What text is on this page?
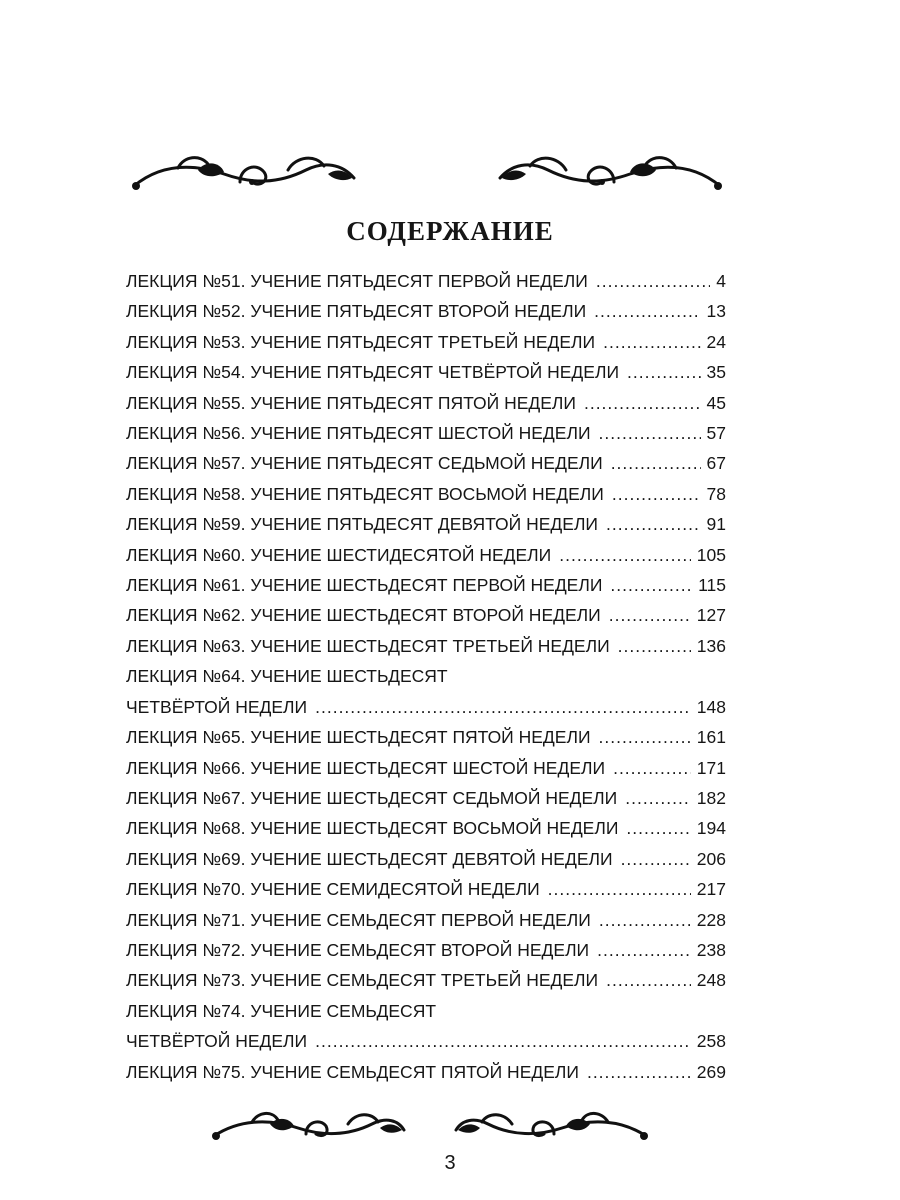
СОДЕРЖАНИЕ
ЛЕКЦИЯ №51. УЧЕНИЕ ПЯТЬДЕСЯТ ПЕРВОЙ НЕДЕЛИ .....	4
ЛЕКЦИЯ №52. УЧЕНИЕ ПЯТЬДЕСЯТ ВТОРОЙ НЕДЕЛИ .....	13
ЛЕКЦИЯ №53. УЧЕНИЕ ПЯТЬДЕСЯТ ТРЕТЬЕЙ НЕДЕЛИ .....	24
ЛЕКЦИЯ №54. УЧЕНИЕ ПЯТЬДЕСЯТ ЧЕТВЁРТОЙ НЕДЕЛИ .....	35
ЛЕКЦИЯ №55. УЧЕНИЕ ПЯТЬДЕСЯТ ПЯТОЙ НЕДЕЛИ .....	45
ЛЕКЦИЯ №56. УЧЕНИЕ ПЯТЬДЕСЯТ ШЕСТОЙ НЕДЕЛИ .....	57
ЛЕКЦИЯ №57. УЧЕНИЕ ПЯТЬДЕСЯТ СЕДЬМОЙ НЕДЕЛИ .....	67
ЛЕКЦИЯ №58. УЧЕНИЕ ПЯТЬДЕСЯТ ВОСЬМОЙ НЕДЕЛИ .....	78
ЛЕКЦИЯ №59. УЧЕНИЕ ПЯТЬДЕСЯТ ДЕВЯТОЙ НЕДЕЛИ .....	91
ЛЕКЦИЯ №60. УЧЕНИЕ ШЕСТИДЕСЯТОЙ НЕДЕЛИ .....	105
ЛЕКЦИЯ №61. УЧЕНИЕ ШЕСТЬДЕСЯТ ПЕРВОЙ НЕДЕЛИ .....	115
ЛЕКЦИЯ №62. УЧЕНИЕ ШЕСТЬДЕСЯТ ВТОРОЙ НЕДЕЛИ .....	127
ЛЕКЦИЯ №63. УЧЕНИЕ ШЕСТЬДЕСЯТ ТРЕТЬЕЙ НЕДЕЛИ .....	136
ЛЕКЦИЯ №64. УЧЕНИЕ ШЕСТЬДЕСЯТ
ЧЕТВЁРТОЙ НЕДЕЛИ .....	148
ЛЕКЦИЯ №65. УЧЕНИЕ ШЕСТЬДЕСЯТ ПЯТОЙ НЕДЕЛИ .....	161
ЛЕКЦИЯ №66. УЧЕНИЕ ШЕСТЬДЕСЯТ ШЕСТОЙ НЕДЕЛИ .....	171
ЛЕКЦИЯ №67. УЧЕНИЕ ШЕСТЬДЕСЯТ СЕДЬМОЙ НЕДЕЛИ .....	182
ЛЕКЦИЯ №68. УЧЕНИЕ ШЕСТЬДЕСЯТ ВОСЬМОЙ НЕДЕЛИ .....	194
ЛЕКЦИЯ №69. УЧЕНИЕ ШЕСТЬДЕСЯТ ДЕВЯТОЙ НЕДЕЛИ .....	206
ЛЕКЦИЯ №70. УЧЕНИЕ СЕМИДЕСЯТОЙ НЕДЕЛИ .....	217
ЛЕКЦИЯ №71. УЧЕНИЕ СЕМЬДЕСЯТ ПЕРВОЙ НЕДЕЛИ .....	228
ЛЕКЦИЯ №72. УЧЕНИЕ СЕМЬДЕСЯТ ВТОРОЙ НЕДЕЛИ .....	238
ЛЕКЦИЯ №73. УЧЕНИЕ СЕМЬДЕСЯТ ТРЕТЬЕЙ НЕДЕЛИ .....	248
ЛЕКЦИЯ №74. УЧЕНИЕ СЕМЬДЕСЯТ
ЧЕТВЁРТОЙ НЕДЕЛИ .....	258
ЛЕКЦИЯ №75. УЧЕНИЕ СЕМЬДЕСЯТ ПЯТОЙ НЕДЕЛИ .....	269
3
